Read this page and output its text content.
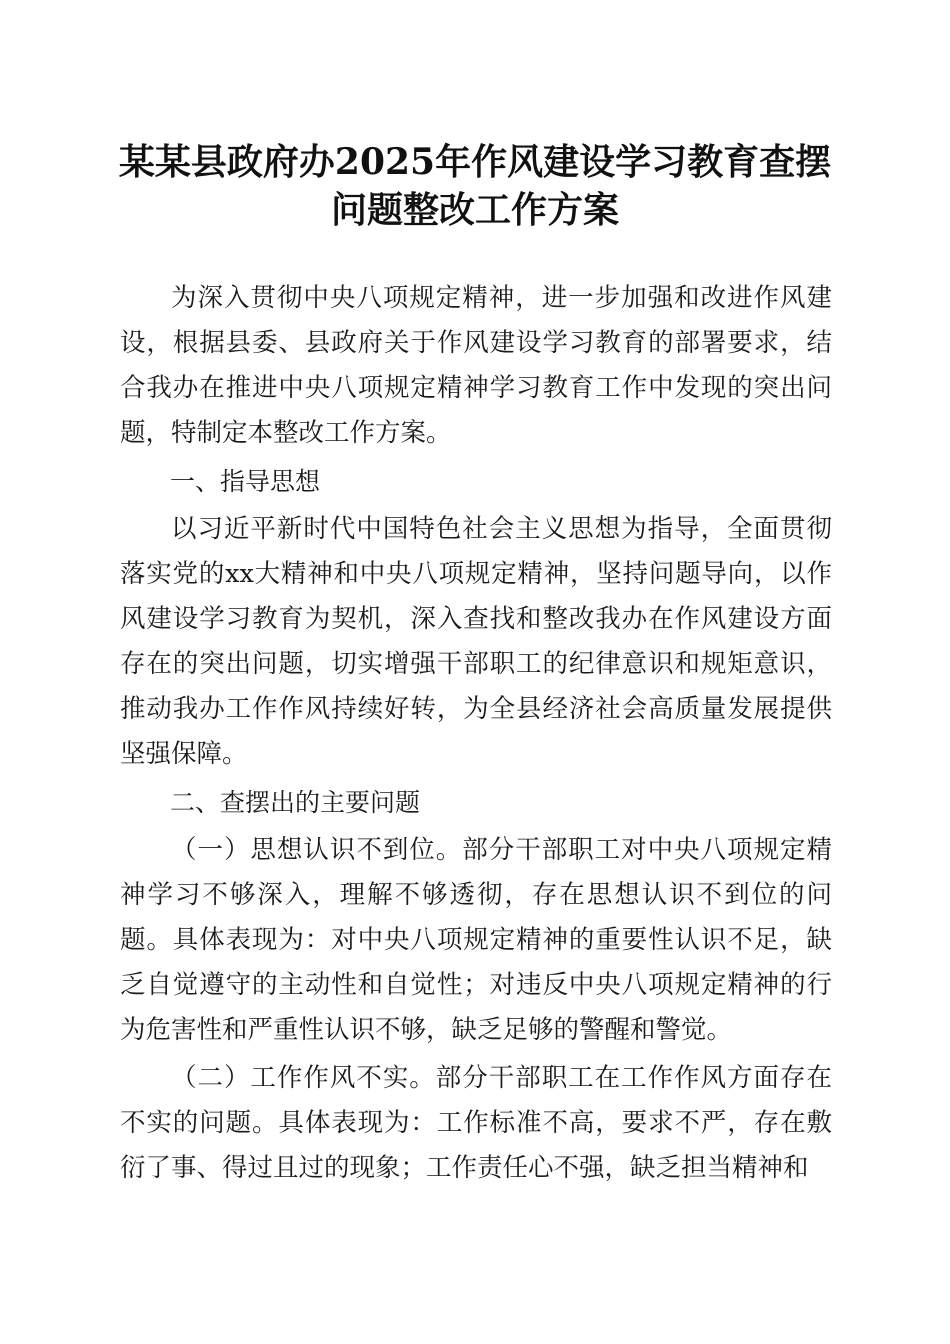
某某县政府办2025年作风建设学习教育查摆
问题整改工作方案

为深入贯彻中央八项规定精神，进一步加强和改进作风建设，根据县委、县政府关于作风建设学习教育的部署要求，结合我办在推进中央八项规定精神学习教育工作中发现的突出问题，特制定本整改工作方案。

一、指导思想

以习近平新时代中国特色社会主义思想为指导，全面贯彻落实党的xx大精神和中央八项规定精神，坚持问题导向，以作风建设学习教育为契机，深入查找和整改我办在作风建设方面存在的突出问题，切实增强干部职工的纪律意识和规矩意识，推动我办工作作风持续好转，为全县经济社会高质量发展提供坚强保障。

二、查摆出的主要问题

（一）思想认识不到位。部分干部职工对中央八项规定精神学习不够深入，理解不够透彻，存在思想认识不到位的问题。具体表现为：对中央八项规定精神的重要性认识不足，缺乏自觉遵守的主动性和自觉性；对违反中央八项规定精神的行为危害性和严重性认识不够，缺乏足够的警醒和警觉。

（二）工作作风不实。部分干部职工在工作作风方面存在不实的问题。具体表现为：工作标准不高，要求不严，存在敷衍了事、得过且过的现象；工作责任心不强，缺乏担当精神和
